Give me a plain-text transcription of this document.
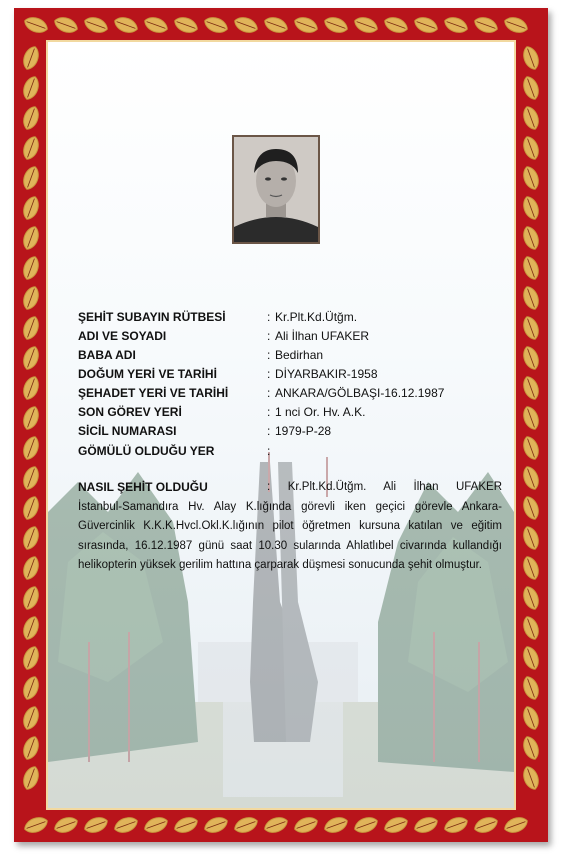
ŞEHİT SUBAYIN RÜTBESİ	: Kr.Plt.Kd.Ütğm.
ADI VE SOYADI	: Ali İlhan UFAKER
BABA ADI	: Bedirhan
DOĞUM YERİ VE TARİHİ	: DİYARBAKIR-1958
ŞEHADET YERİ VE TARİHİ	: ANKARA/GÖLBAŞI-16.12.1987
SON GÖREV YERİ	: 1 nci Or. Hv. A.K.
SİCİL NUMARASI	: 1979-P-28
GÖMÜLÜ OLDUĞU YER	:
NASIL ŞEHİT OLDUĞU	: Kr.Plt.Kd.Ütğm. Ali İlhan UFAKER
İstanbul-Samandıra Hv. Alay K.lığında görevli iken geçici görevle Ankara-Güvercinlik K.K.K.Hvcl.Okl.K.lığının pilot öğretmen kursuna katılan ve eğitim sırasında, 16.12.1987 günü saat 10.30 sularında Ahlatlıbel civarında kullandığı helikopterin yüksek gerilim hattına çarparak düşmesi sonucunda şehit olmuştur.
